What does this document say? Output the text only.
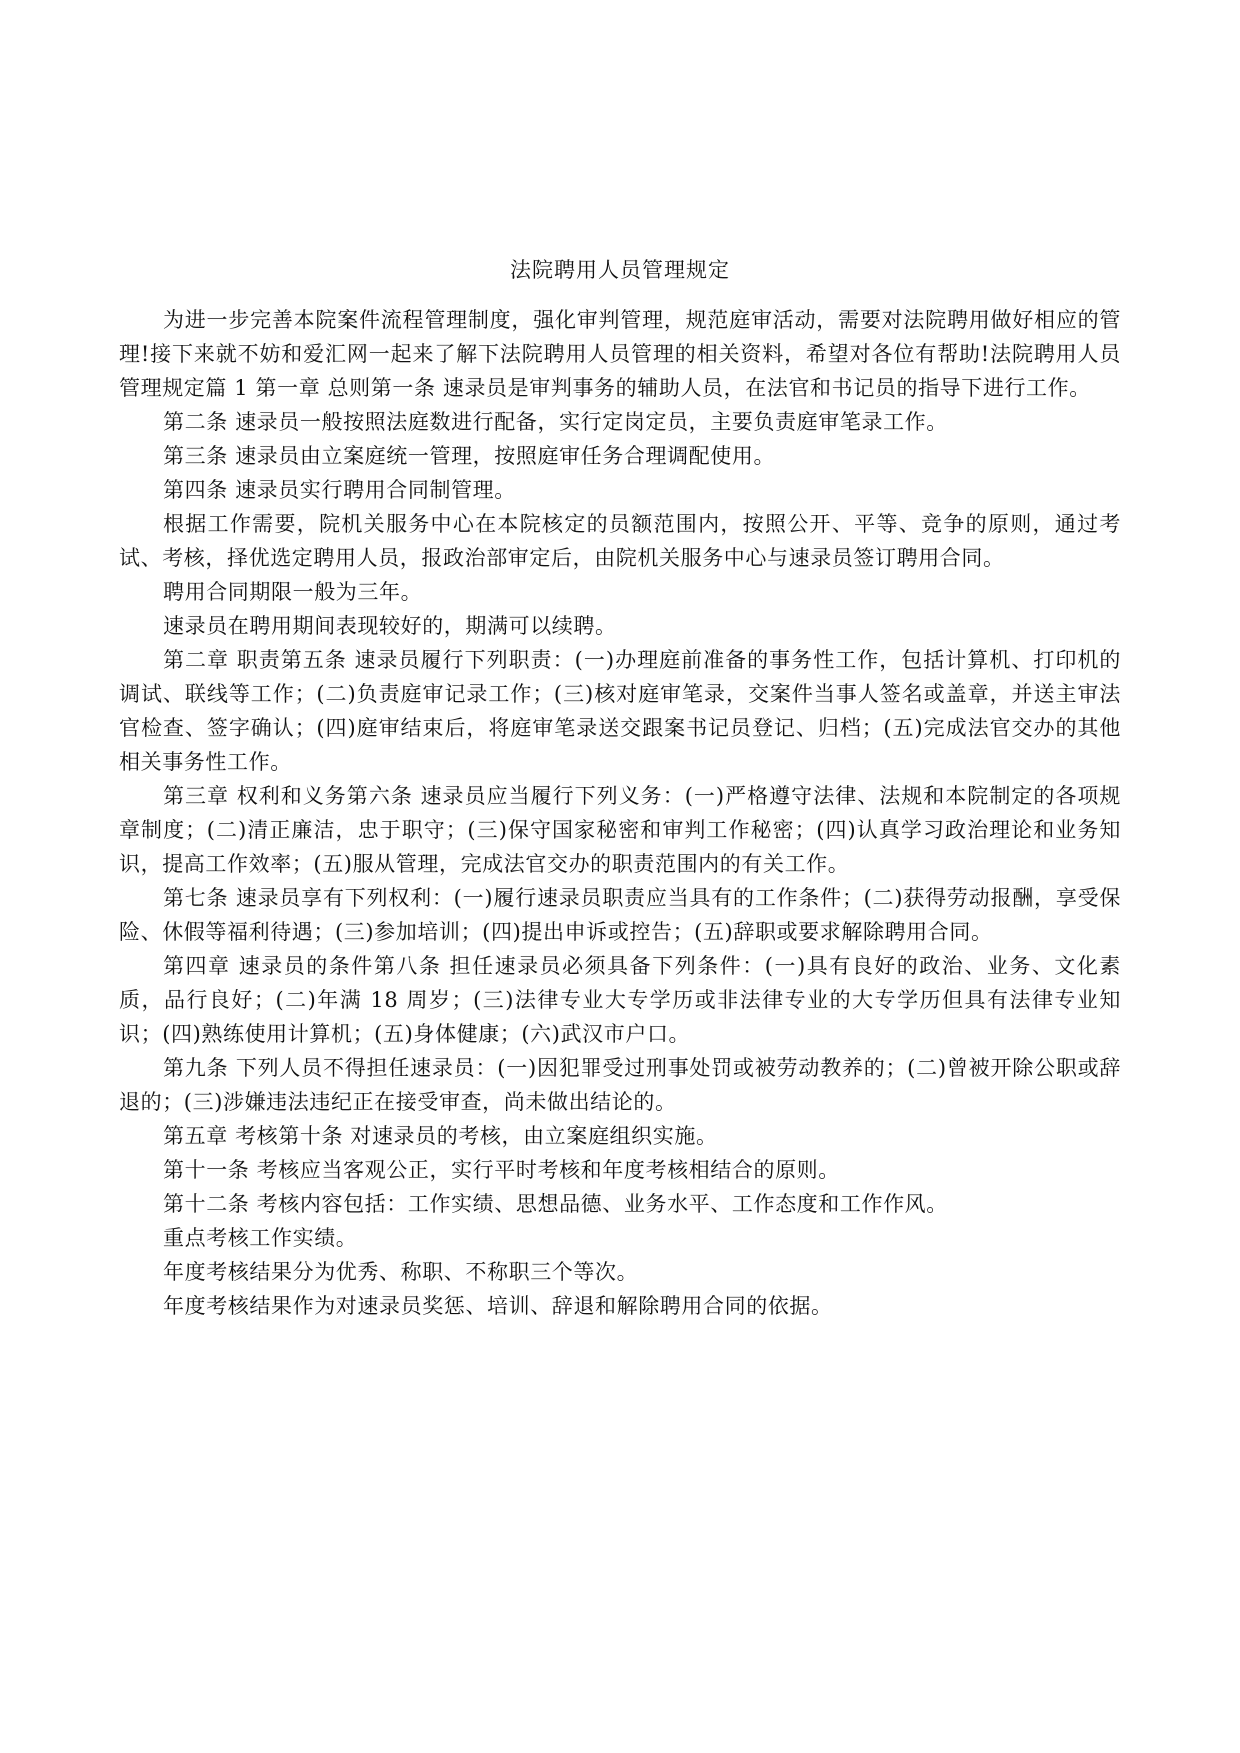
法院聘用人员管理规定

为进一步完善本院案件流程管理制度，强化审判管理，规范庭审活动，需要对法院聘用做好相应的管理!接下来就不妨和爱汇网一起来了解下法院聘用人员管理的相关资料，希望对各位有帮助!法院聘用人员管理规定篇 1 第一章 总则第一条 速录员是审判事务的辅助人员，在法官和书记员的指导下进行工作。

第二条 速录员一般按照法庭数进行配备，实行定岗定员，主要负责庭审笔录工作。

第三条 速录员由立案庭统一管理，按照庭审任务合理调配使用。

第四条 速录员实行聘用合同制管理。

根据工作需要，院机关服务中心在本院核定的员额范围内，按照公开、平等、竞争的原则，通过考试、考核，择优选定聘用人员，报政治部审定后，由院机关服务中心与速录员签订聘用合同。

聘用合同期限一般为三年。

速录员在聘用期间表现较好的，期满可以续聘。

第二章 职责第五条 速录员履行下列职责：(一)办理庭前准备的事务性工作，包括计算机、打印机的调试、联线等工作；(二)负责庭审记录工作；(三)核对庭审笔录，交案件当事人签名或盖章，并送主审法官检查、签字确认；(四)庭审结束后，将庭审笔录送交跟案书记员登记、归档；(五)完成法官交办的其他相关事务性工作。

第三章 权利和义务第六条 速录员应当履行下列义务：(一)严格遵守法律、法规和本院制定的各项规章制度；(二)清正廉洁，忠于职守；(三)保守国家秘密和审判工作秘密；(四)认真学习政治理论和业务知识，提高工作效率；(五)服从管理，完成法官交办的职责范围内的有关工作。

第七条 速录员享有下列权利：(一)履行速录员职责应当具有的工作条件；(二)获得劳动报酬，享受保险、休假等福利待遇；(三)参加培训；(四)提出申诉或控告；(五)辞职或要求解除聘用合同。

第四章 速录员的条件第八条 担任速录员必须具备下列条件：(一)具有良好的政治、业务、文化素质，品行良好；(二)年满 18 周岁；(三)法律专业大专学历或非法律专业的大专学历但具有法律专业知识；(四)熟练使用计算机；(五)身体健康；(六)武汉市户口。

第九条 下列人员不得担任速录员：(一)因犯罪受过刑事处罚或被劳动教养的；(二)曾被开除公职或辞退的；(三)涉嫌违法违纪正在接受审查，尚未做出结论的。

第五章 考核第十条 对速录员的考核，由立案庭组织实施。

第十一条 考核应当客观公正，实行平时考核和年度考核相结合的原则。

第十二条 考核内容包括：工作实绩、思想品德、业务水平、工作态度和工作作风。

重点考核工作实绩。

年度考核结果分为优秀、称职、不称职三个等次。

年度考核结果作为对速录员奖惩、培训、辞退和解除聘用合同的依据。
